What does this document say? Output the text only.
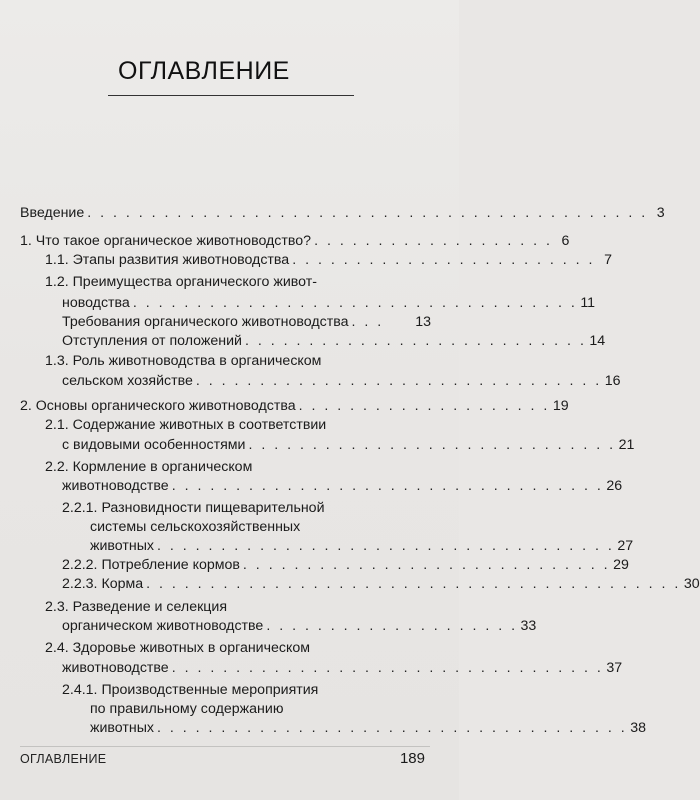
ОГЛАВЛЕНИЕ
Введение . . . . . . . . . . . . . . . . . . . . . . . . . . . . . . . . . . . . . . . . . . . . 3
1. Что такое органическое животноводство? . . . . . . . . . . . . . . . . . . . 6
1.1. Этапы развития животноводства . . . . . . . . . . . . . . . . . . . . . . . . 7
1.2. Преимущества органического живот-
новодства . . . . . . . . . . . . . . . . . . . . . . . . . . . . . . . . . . . 11
Требования органического животноводства . . .	13
Отступления от положений . . . . . . . . . . . . . . . . . . . . . . . . . . . 14
1.3. Роль животноводства в органическом
сельском хозяйстве . . . . . . . . . . . . . . . . . . . . . . . . . . . . . . . . 16
2. Основы органического животноводства . . . . . . . . . . . . . . . . . . . . 19
2.1. Содержание животных в соответствии
с видовыми особенностями . . . . . . . . . . . . . . . . . . . . . . . . . . . . . 21
2.2. Кормление в органическом
животноводстве . . . . . . . . . . . . . . . . . . . . . . . . . . . . . . . . . . 26
2.2.1. Разновидности пищеварительной
системы сельскохозяйственных
животных . . . . . . . . . . . . . . . . . . . . . . . . . . . . . . . . . . . . 27
2.2.2. Потребление кормов . . . . . . . . . . . . . . . . . . . . . . . . . . . . . 29
2.2.3. Корма . . . . . . . . . . . . . . . . . . . . . . . . . . . . . . . . . . . . . . . . . . 30
2.3. Разведение и селекция
органическом животноводстве . . . . . . . . . . . . . . . . . . . . 33
2.4. Здоровье животных в органическом
животноводстве . . . . . . . . . . . . . . . . . . . . . . . . . . . . . . . . . . 37
2.4.1. Производственные мероприятия
по правильному содержанию
животных . . . . . . . . . . . . . . . . . . . . . . . . . . . . . . . . . . . . . 38
ОГЛАВЛЕНИЕ	189
